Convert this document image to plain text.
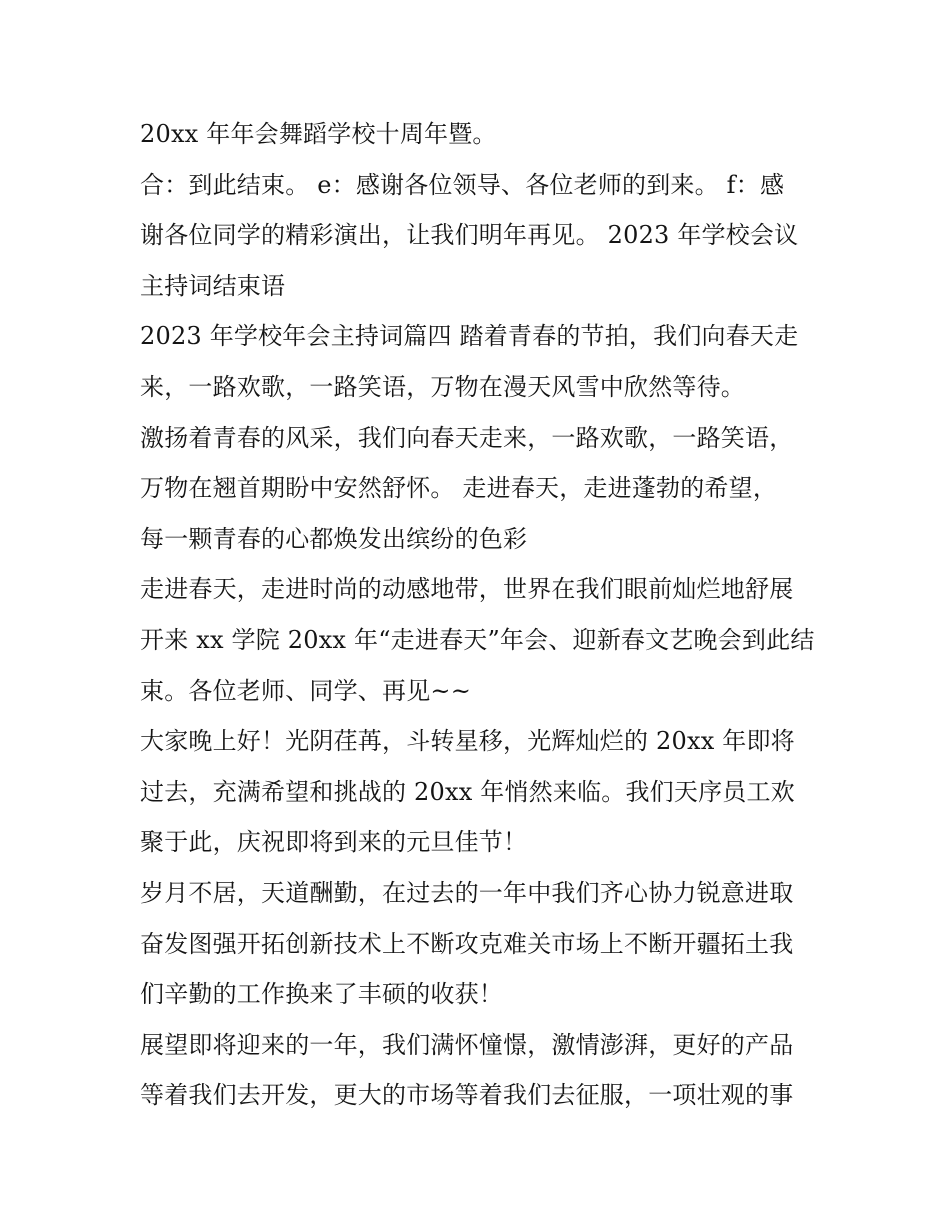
20xx 年年会舞蹈学校十周年暨。
合：到此结束。 e：感谢各位领导、各位老师的到来。 f：感
谢各位同学的精彩演出，让我们明年再见。 2023 年学校会议
主持词结束语
2023 年学校年会主持词篇四 踏着青春的节拍，我们向春天走
来，一路欢歌，一路笑语，万物在漫天风雪中欣然等待。
激扬着青春的风采，我们向春天走来，一路欢歌，一路笑语，
万物在翘首期盼中安然舒怀。 走进春天，走进蓬勃的希望，
每一颗青春的心都焕发出缤纷的色彩
走进春天，走进时尚的动感地带，世界在我们眼前灿烂地舒展
开来 xx 学院 20xx 年“走进春天”年会、迎新春文艺晚会到此结
束。各位老师、同学、再见~~
大家晚上好！光阴荏苒，斗转星移，光辉灿烂的 20xx 年即将
过去，充满希望和挑战的 20xx 年悄然来临。我们天序员工欢
聚于此，庆祝即将到来的元旦佳节！
岁月不居，天道酬勤，在过去的一年中我们齐心协力锐意进取
奋发图强开拓创新技术上不断攻克难关市场上不断开疆拓土我
们辛勤的工作换来了丰硕的收获！
展望即将迎来的一年，我们满怀憧憬，激情澎湃，更好的产品
等着我们去开发，更大的市场等着我们去征服，一项壮观的事
